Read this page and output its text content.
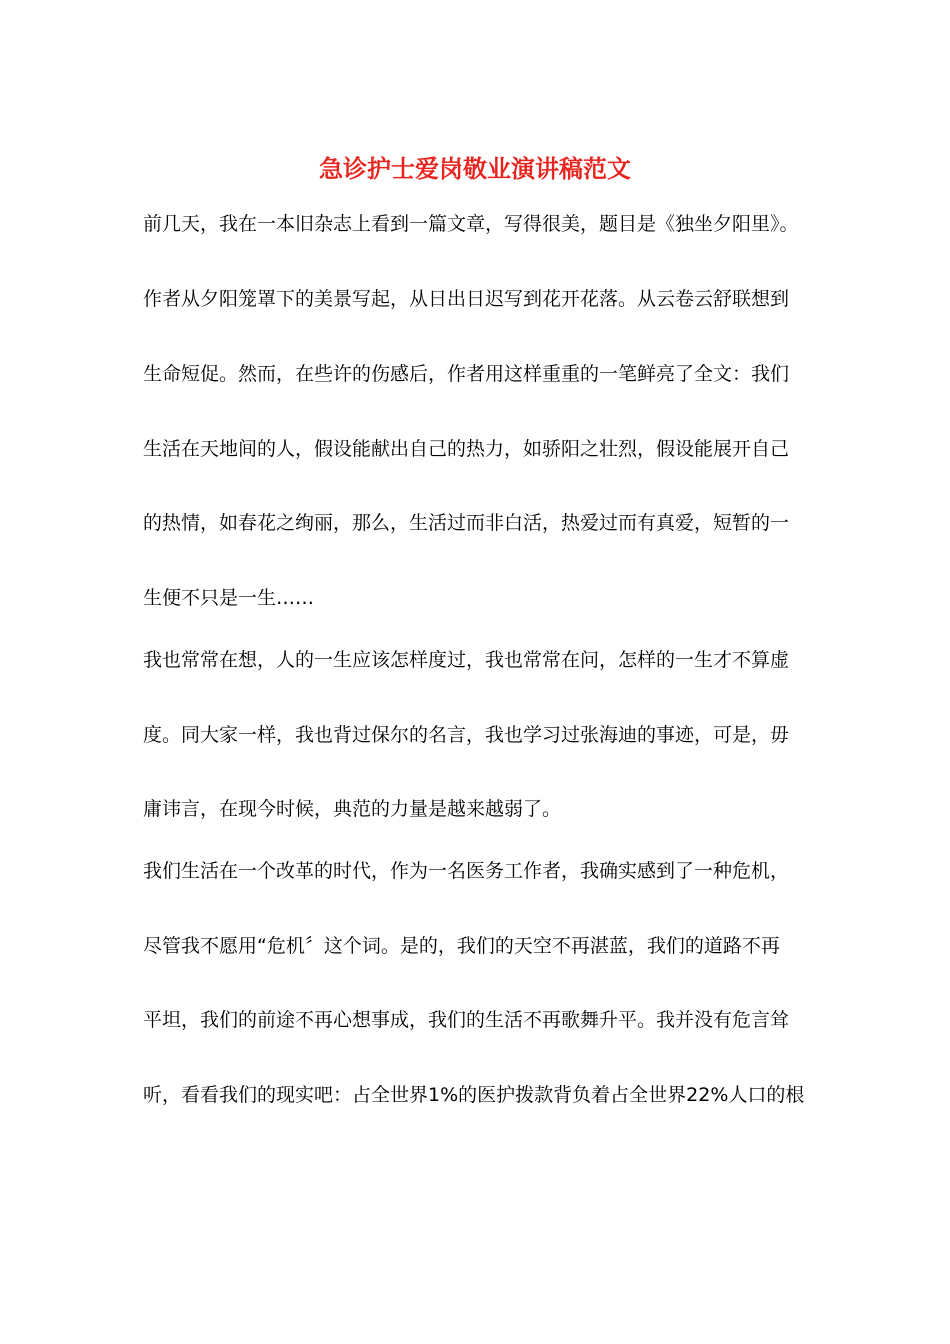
急诊护士爱岗敬业演讲稿范文

前几天，我在一本旧杂志上看到一篇文章，写得很美，题目是《独坐夕阳里》。

作者从夕阳笼罩下的美景写起，从日出日迟写到花开花落。从云卷云舒联想到

生命短促。然而，在些许的伤感后，作者用这样重重的一笔鲜亮了全文：我们

生活在天地间的人，假设能献出自己的热力，如骄阳之壮烈，假设能展开自己

的热情，如春花之绚丽，那么，生活过而非白活，热爱过而有真爱，短暂的一

生便不只是一生……

我也常常在想，人的一生应该怎样度过，我也常常在问，怎样的一生才不算虚

度。同大家一样，我也背过保尔的名言，我也学习过张海迪的事迹，可是，毋

庸讳言，在现今时候，典范的力量是越来越弱了。

我们生活在一个改革的时代，作为一名医务工作者，我确实感到了一种危机，

尽管我不愿用“危机〞这个词。是的，我们的天空不再湛蓝，我们的道路不再

平坦，我们的前途不再心想事成，我们的生活不再歌舞升平。我并没有危言耸

听，看看我们的现实吧：占全世界1%的医护拨款背负着占全世界22%人口的根
